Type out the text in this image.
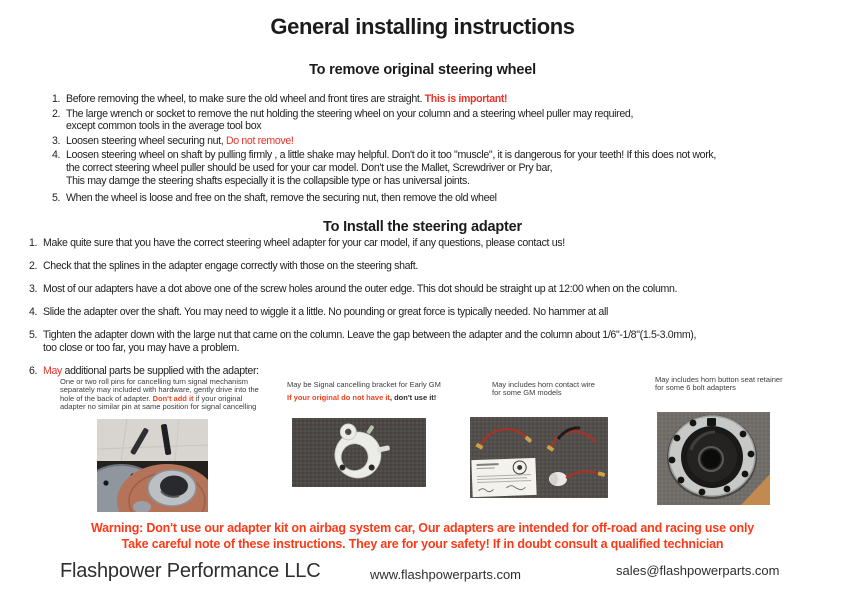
General installing instructions
To remove original steering wheel
1. Before removing the wheel, to make sure the old wheel and front tires are straight. This is important!
2. The large wrench or socket to remove the nut holding the steering wheel on your column and a steering wheel puller may required,
except common tools in the average tool box
3. Loosen steering wheel securing nut, Do not remove!
4. Loosen steering wheel on shaft by pulling firmly , a little shake may helpful. Don't do it too "muscle", it is dangerous for your teeth! If this does not work,
the correct steering wheel puller should be used for your car model. Don't use the Mallet, Screwdriver or Pry bar,
This may damge the steering shafts especially it is the collapsible type or has universal joints.
5. When the wheel is loose and free on the shaft, remove the securing nut, then remove the old wheel
To Install the steering adapter
1. Make quite sure that you have the correct steering wheel adapter for your car model, if any questions, please contact us!
2. Check that the splines in the adapter engage correctly with those on the steering shaft.
3. Most of our adapters have a dot above one of the screw holes around the outer edge. This dot should be straight up at 12:00 when on the column.
4. Slide the adapter over the shaft. You may need to wiggle it a little. No pounding or great force is typically needed. No hammer at all
5. Tighten the adapter down with the large nut that came on the column. Leave the gap between the adapter and the column about 1/6"-1/8"(1.5-3.0mm),
too close or too far, you may have a problem.
6. May additional parts be supplied with the adapter:
One or two roll pins for cancelling turn signal mechanism
separately may included with hardware, gently drive into the
hole of the back of adapter. Don't add it if your original
adapter no similar pin at same position for signal cancelling
May be Signal cancelling bracket for Early GM
If your original do not have it, don't use it!
May includes horn contact wire
for some GM models
May includes horn button seat retainer
for some 6 bolt adapters
Warning: Don't use our adapter kit on airbag system car, Our adapters are intended for off-road and racing use only
Take careful note of these instructions. They are for your safety! If in doubt consult a qualified technician
Flashpower Performance LLC	www.flashpowerparts.com	sales@flashpowerparts.com
